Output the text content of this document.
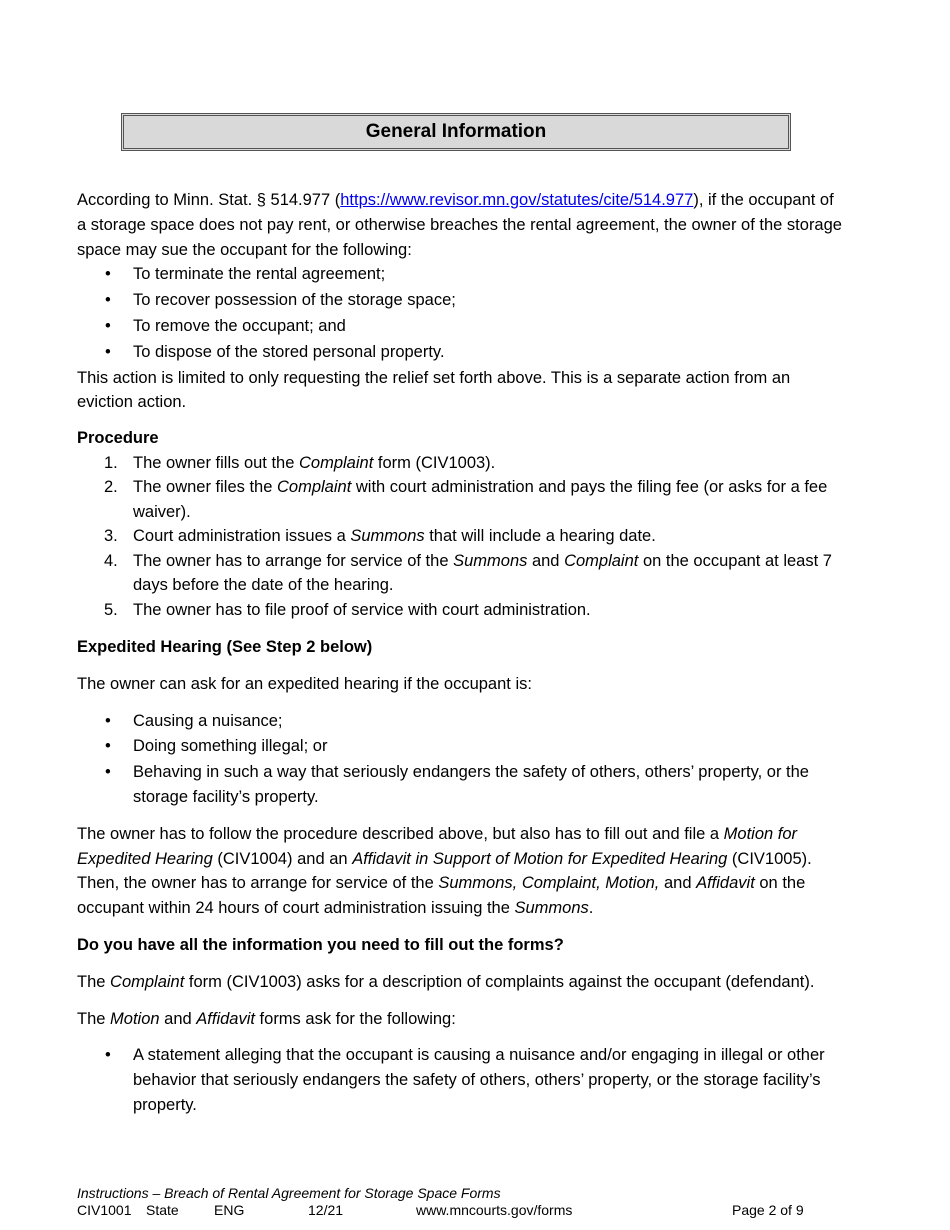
General Information

According to Minn. Stat. § 514.977 (https://www.revisor.mn.gov/statutes/cite/514.977), if the occupant of a storage space does not pay rent, or otherwise breaches the rental agreement, the owner of the storage space may sue the occupant for the following:

• To terminate the rental agreement;
• To recover possession of the storage space;
• To remove the occupant; and
• To dispose of the stored personal property.

This action is limited to only requesting the relief set forth above. This is a separate action from an eviction action.

Procedure

1. The owner fills out the Complaint form (CIV1003).
2. The owner files the Complaint with court administration and pays the filing fee (or asks for a fee waiver).
3. Court administration issues a Summons that will include a hearing date.
4. The owner has to arrange for service of the Summons and Complaint on the occupant at least 7 days before the date of the hearing.
5. The owner has to file proof of service with court administration.

Expedited Hearing (See Step 2 below)

The owner can ask for an expedited hearing if the occupant is:

• Causing a nuisance;
• Doing something illegal; or
• Behaving in such a way that seriously endangers the safety of others, others’ property, or the storage facility’s property.

The owner has to follow the procedure described above, but also has to fill out and file a Motion for Expedited Hearing (CIV1004) and an Affidavit in Support of Motion for Expedited Hearing (CIV1005). Then, the owner has to arrange for service of the Summons, Complaint, Motion, and Affidavit on the occupant within 24 hours of court administration issuing the Summons.

Do you have all the information you need to fill out the forms?

The Complaint form (CIV1003) asks for a description of complaints against the occupant (defendant).

The Motion and Affidavit forms ask for the following:

• A statement alleging that the occupant is causing a nuisance and/or engaging in illegal or other behavior that seriously endangers the safety of others, others’ property, or the storage facility’s property.
Instructions – Breach of Rental Agreement for Storage Space Forms
CIV1001 State	ENG	12/21	www.mncourts.gov/forms	Page 2 of 9
